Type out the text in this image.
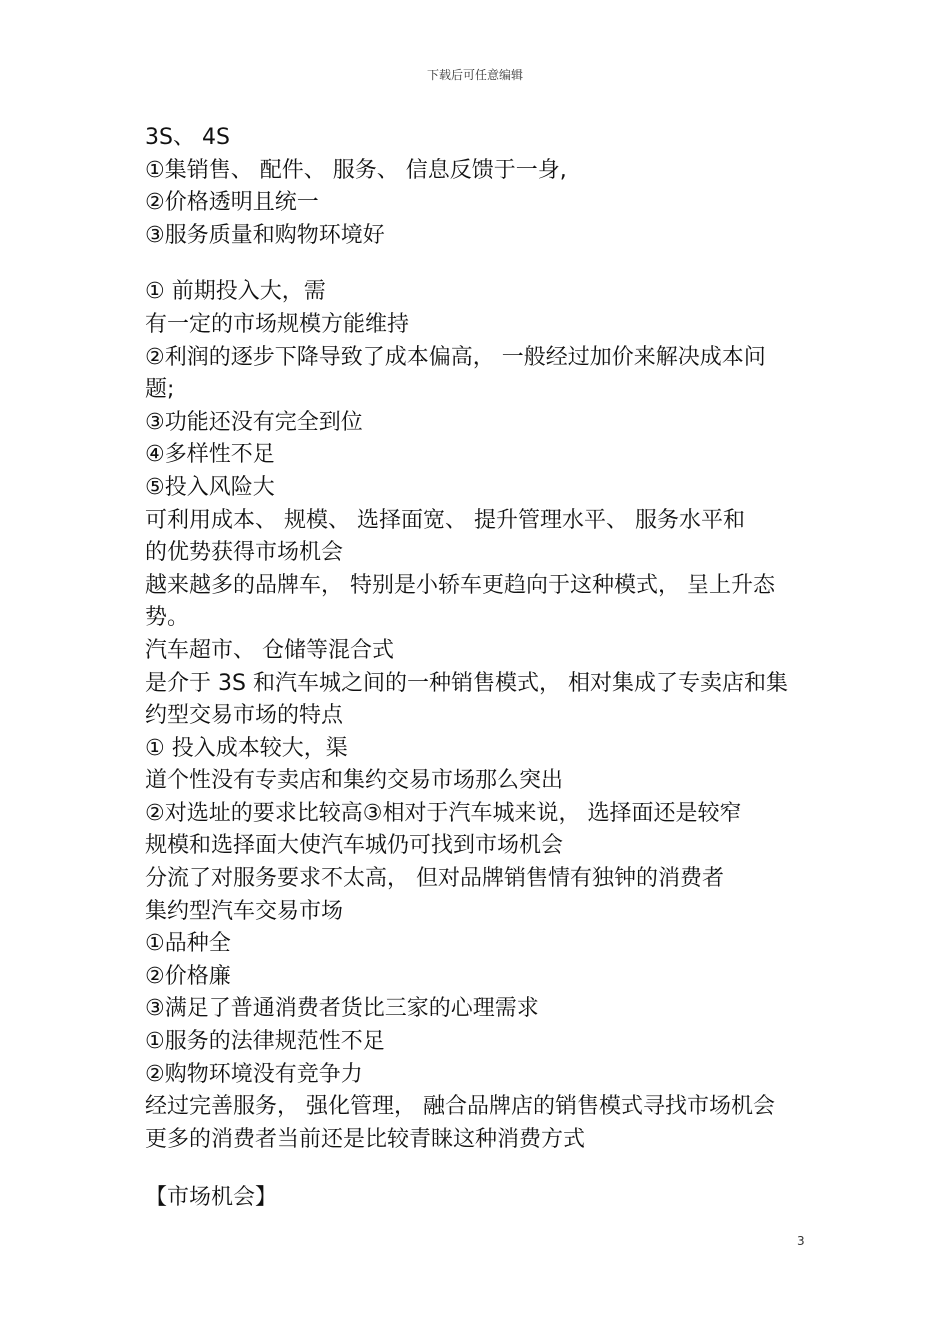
下载后可任意编辑
3S、 4S
①集销售、 配件、 服务、 信息反馈于一身,
②价格透明且统一
③服务质量和购物环境好
① 前期投入大，需
有一定的市场规模方能维持
②利润的逐步下降导致了成本偏高， 一般经过加价来解决成本问
题;
③功能还没有完全到位
④多样性不足
⑤投入风险大
可利用成本、 规模、 选择面宽、 提升管理水平、 服务水平和
的优势获得市场机会
越来越多的品牌车， 特别是小轿车更趋向于这种模式， 呈上升态
势。
汽车超市、 仓储等混合式
是介于 3S 和汽车城之间的一种销售模式， 相对集成了专卖店和集
约型交易市场的特点
① 投入成本较大，渠
道个性没有专卖店和集约交易市场那么突出
②对选址的要求比较高③相对于汽车城来说， 选择面还是较窄
规模和选择面大使汽车城仍可找到市场机会
分流了对服务要求不太高， 但对品牌销售情有独钟的消费者
集约型汽车交易市场
①品种全
②价格廉
③满足了普通消费者货比三家的心理需求
①服务的法律规范性不足
②购物环境没有竞争力
经过完善服务， 强化管理， 融合品牌店的销售模式寻找市场机会
更多的消费者当前还是比较青睐这种消费方式
【市场机会】
3
